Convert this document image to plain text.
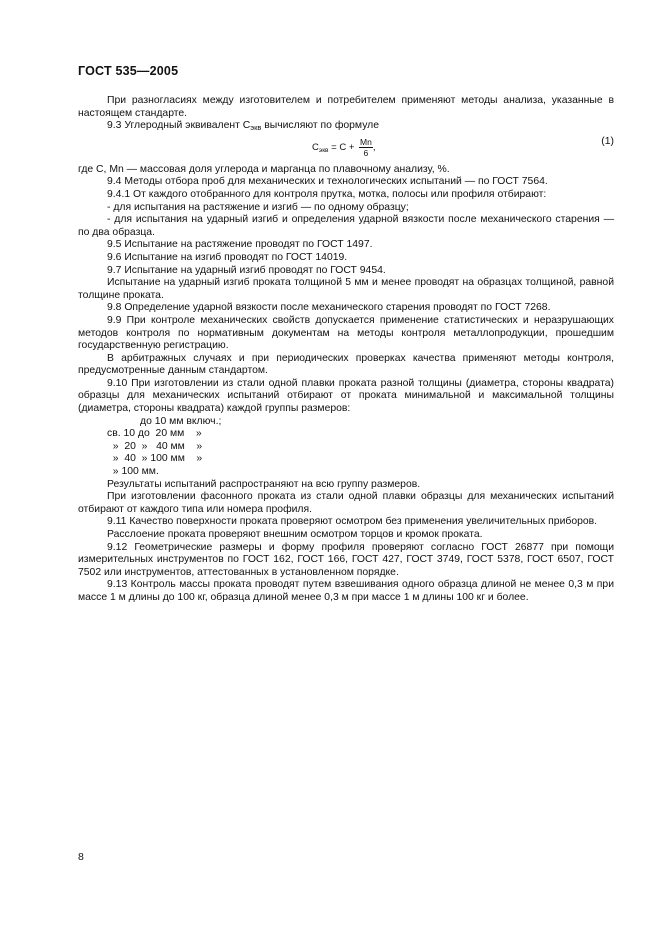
ГОСТ 535—2005

При разногласиях между изготовителем и потребителем применяют методы анализа, указанные в настоящем стандарте.

9.3 Углеродный эквивалент Сэкв вычисляют по формуле

$С_{экв} = С + \frac{Mn}{6}$ ,
(1)

где С, Mn — массовая доля углерода и марганца по плавочному анализу, %.

9.4 Методы отбора проб для механических и технологических испытаний — по ГОСТ 7564.

9.4.1 От каждого отобранного для контроля прутка, мотка, полосы или профиля отбирают:

- для испытания на растяжение и изгиб — по одному образцу;

- для испытания на ударный изгиб и определения ударной вязкости после механического старения — по два образца.

9.5 Испытание на растяжение проводят по ГОСТ 1497.

9.6 Испытание на изгиб проводят по ГОСТ 14019.

9.7 Испытание на ударный изгиб проводят по ГОСТ 9454.

Испытание на ударный изгиб проката толщиной 5 мм и менее проводят на образцах толщиной, равной толщине проката.

9.8 Определение ударной вязкости после механического старения проводят по ГОСТ 7268.

9.9 При контроле механических свойств допускается применение статистических и неразрушающих методов контроля по нормативным документам на методы контроля металлопродукции, прошедшим государственную регистрацию.

В арбитражных случаях и при периодических проверках качества применяют методы контроля, предусмотренные данным стандартом.

9.10 При изготовлении из стали одной плавки проката разной толщины (диаметра, стороны квадрата) образцы для механических испытаний отбирают от проката минимальной и максимальной толщины (диаметра, стороны квадрата) каждой группы размеров:

до 10 мм включ.;

св. 10 до  20 мм    »

»  20  »   40 мм    »

»  40  » 100 мм    »

» 100 мм.

Результаты испытаний распространяют на всю группу размеров.

При изготовлении фасонного проката из стали одной плавки образцы для механических испытаний отбирают от каждого типа или номера профиля.

9.11 Качество поверхности проката проверяют осмотром без применения увеличительных приборов.

Расслоение проката проверяют внешним осмотром торцов и кромок проката.

9.12 Геометрические размеры и форму профиля проверяют согласно ГОСТ 26877 при помощи измерительных инструментов по ГОСТ 162, ГОСТ 166, ГОСТ 427, ГОСТ 3749, ГОСТ 5378, ГОСТ 6507, ГОСТ 7502 или инструментов, аттестованных в установленном порядке.

9.13 Контроль массы проката проводят путем взвешивания одного образца длиной не менее 0,3 м при массе 1 м длины до 100 кг, образца длиной менее 0,3 м при массе 1 м длины 100 кг и более.

8
